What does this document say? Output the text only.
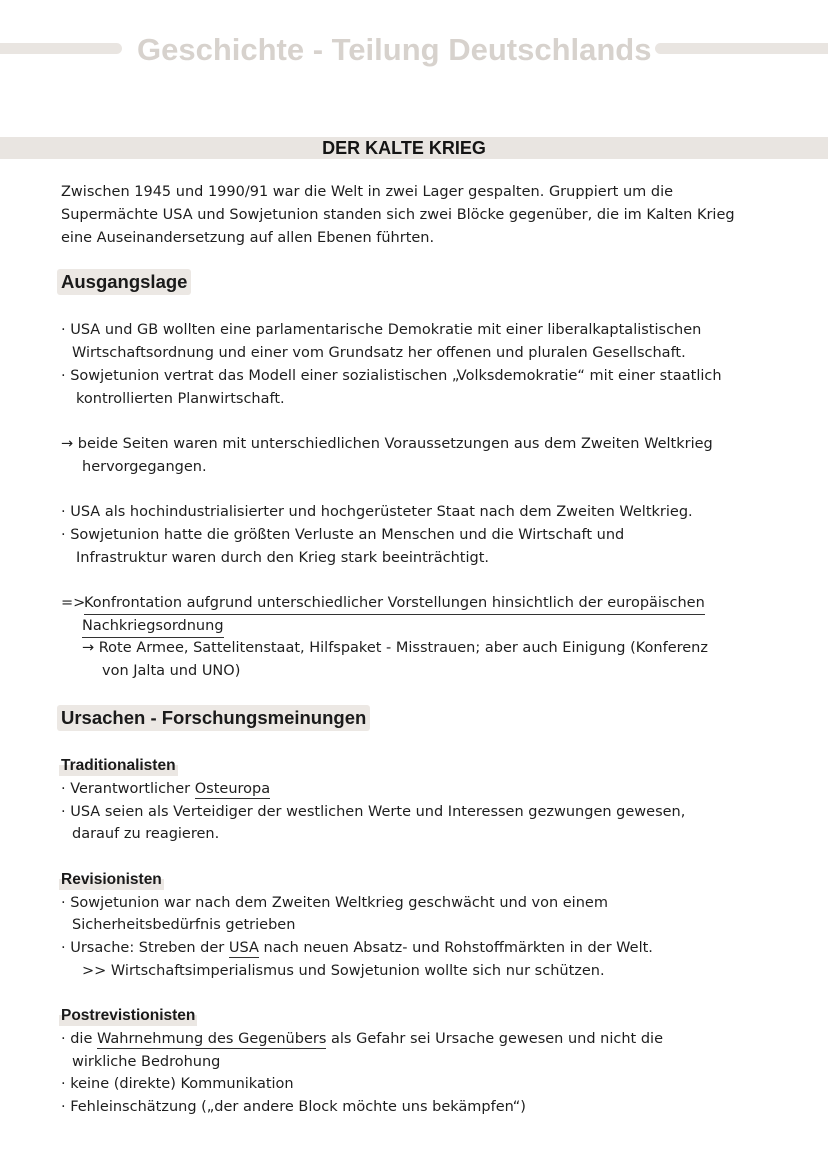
Geschichte - Teilung Deutschlands
DER KALTE KRIEG

Zwischen 1945 und 1990/91 war die Welt in zwei Lager gespalten. Gruppiert um die

Supermächte USA und Sowjetunion standen sich zwei Blöcke gegenüber, die im Kalten Krieg

eine Auseinandersetzung auf allen Ebenen führten.

Ausgangslage

· USA und GB wollten eine parlamentarische Demokratie mit einer liberalkaptalistischen

Wirtschaftsordnung und einer vom Grundsatz her offenen und pluralen Gesellschaft.

· Sowjetunion vertrat das Modell einer sozialistischen „Volksdemokratie“ mit einer staatlich

kontrollierten Planwirtschaft.

→ beide Seiten waren mit unterschiedlichen Voraussetzungen aus dem Zweiten Weltkrieg

hervorgegangen.

· USA als hochindustrialisierter und hochgerüsteter Staat nach dem Zweiten Weltkrieg.

· Sowjetunion hatte die größten Verluste an Menschen und die Wirtschaft und

Infrastruktur waren durch den Krieg stark beeinträchtigt.

=>

Konfrontation aufgrund unterschiedlicher Vorstellungen hinsichtlich der europäischen

Nachkriegsordnung

→ Rote Armee, Sattelitenstaat, Hilfspaket - Misstrauen; aber auch Einigung (Konferenz

von Jalta und UNO)

Ursachen - Forschungsmeinungen
Traditionalisten

· Verantwortlicher Osteuropa

· USA seien als Verteidiger der westlichen Werte und Interessen gezwungen gewesen,

darauf zu reagieren.

Revisionisten

· Sowjetunion war nach dem Zweiten Weltkrieg geschwächt und von einem

Sicherheitsbedürfnis getrieben

· Ursache: Streben der USA nach neuen Absatz- und Rohstoffmärkten in der Welt.

>> Wirtschaftsimperialismus und Sowjetunion wollte sich nur schützen.

Postrevistionisten

· die Wahrnehmung des Gegenübers als Gefahr sei Ursache gewesen und nicht die

wirkliche Bedrohung

· keine (direkte) Kommunikation

· Fehleinschätzung („der andere Block möchte uns bekämpfen“)
